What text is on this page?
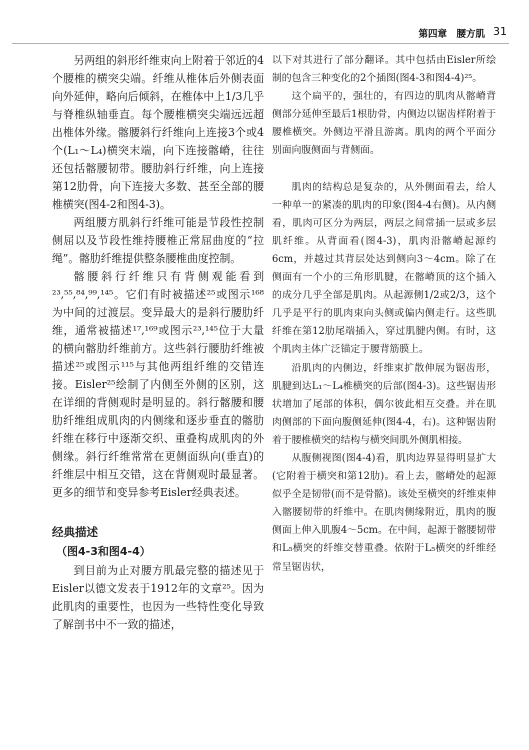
第四章　腰方肌 31

另两组的斜形纤维束向上附着于邻近的4个腰椎的横突尖端。纤维从椎体后外侧表面向外延伸，略向后倾斜，在椎体中上1/3几乎与脊椎纵轴垂直。每个腰椎横突尖端远远超出椎体外缘。髂腰斜行纤维向上连接3个或4个(L₁～L₄)横突末端，向下连接髂嵴，往往还包括髂腰韧带。腰肋斜行纤维，向上连接第12肋骨，向下连接大多数、甚至全部的腰椎横突(图4-2和图4-3)。

两组腰方肌斜行纤维可能是节段性控制侧屈以及节段性维持腰椎正常屈曲度的“拉绳”。髂肋纤维提供整条腰椎曲度控制。

髂腰斜行纤维只有背侧观能看到²³,⁵⁵,⁸⁴,⁹⁹,¹⁴⁵。它们有时被描述²⁵或图示¹⁶⁸为中间的过渡层。变异最大的是斜行腰肋纤维，通常被描述¹⁷,¹⁶⁹或图示²³,¹⁴⁵位于大量的横向髂肋纤维前方。这些斜行腰肋纤维被描述²⁵或图示¹¹⁵与其他两组纤维的交错连接。Eisler²⁵绘制了内侧至外侧的区别，这在详细的背侧观时是明显的。斜行髂腰和腰肋纤维组成肌肉的内侧缘和逐步垂直的髂肋纤维在移行中逐渐交织、重叠构成肌肉的外侧缘。斜行纤维常常在更侧面纵向(垂直)的纤维层中相互交错，这在背侧观时最显著。更多的细节和变异参考Eisler经典表述。

经典描述
（图4-3和图4-4）

到目前为止对腰方肌最完整的描述见于Eisler以德文发表于1912年的文章²⁵。因为此肌肉的重要性，也因为一些特性变化导致了解剖书中不一致的描述，

以下对其进行了部分翻译。其中包括由Eisler所绘制的包含三种变化的2个插图(图4-3和图4-4)²⁵。

这个扁平的，强壮的，有四边的肌肉从髂嵴背侧部分延伸至最后1根肋骨，内侧边以锯齿样附着于腰椎横突。外侧边平滑且游离。肌肉的两个平面分别面向腹侧面与背侧面。

肌肉的结构总是复杂的，从外侧面看去，给人一种单一的紧凑的肌肉的印象(图4-4右侧)。从内侧看，肌肉可区分为两层，两层之间常插一层或多层肌纤维。从背面看(图4-3)，肌肉沿髂嵴起源约6cm，并越过其背层处达到侧向3～4cm。除了在侧面有一个小的三角形肌腱，在髂嵴顶的这个插入的成分几乎全部是肌肉。从起源侧1/2或2/3，这个几乎是平行的肌肉束向头侧或偏内侧走行。这些肌纤维在第12肋尾端插入，穿过肌腱内侧。有时，这个肌肉主体广泛锚定于腰背筋膜上。

沿肌肉的内侧边，纤维束扩散伸展为锯齿形，肌腱到达L₁～L₄椎横突的后部(图4-3)。这些锯齿形状增加了尾部的体积，偶尔彼此相互交叠。并在肌肉侧部的下面向腹侧延伸(图4-4，右)。这种锯齿附着于腰椎横突的结构与横突间肌外侧肌相接。

从腹侧视图(图4-4)看，肌肉边界显得明显扩大(它附着于横突和第12肋)。看上去，髂嵴处的起源似乎全是韧带(而不是骨骼)。该处至横突的纤维束伸入髂腰韧带的纤维中。在肌肉侧缘附近，肌肉的腹侧面上伸入肌腹4～5cm。在中间，起源于髂腰韧带和L₅横突的纤维交替重叠。依附于L₅横突的纤维经常呈锯齿状，
